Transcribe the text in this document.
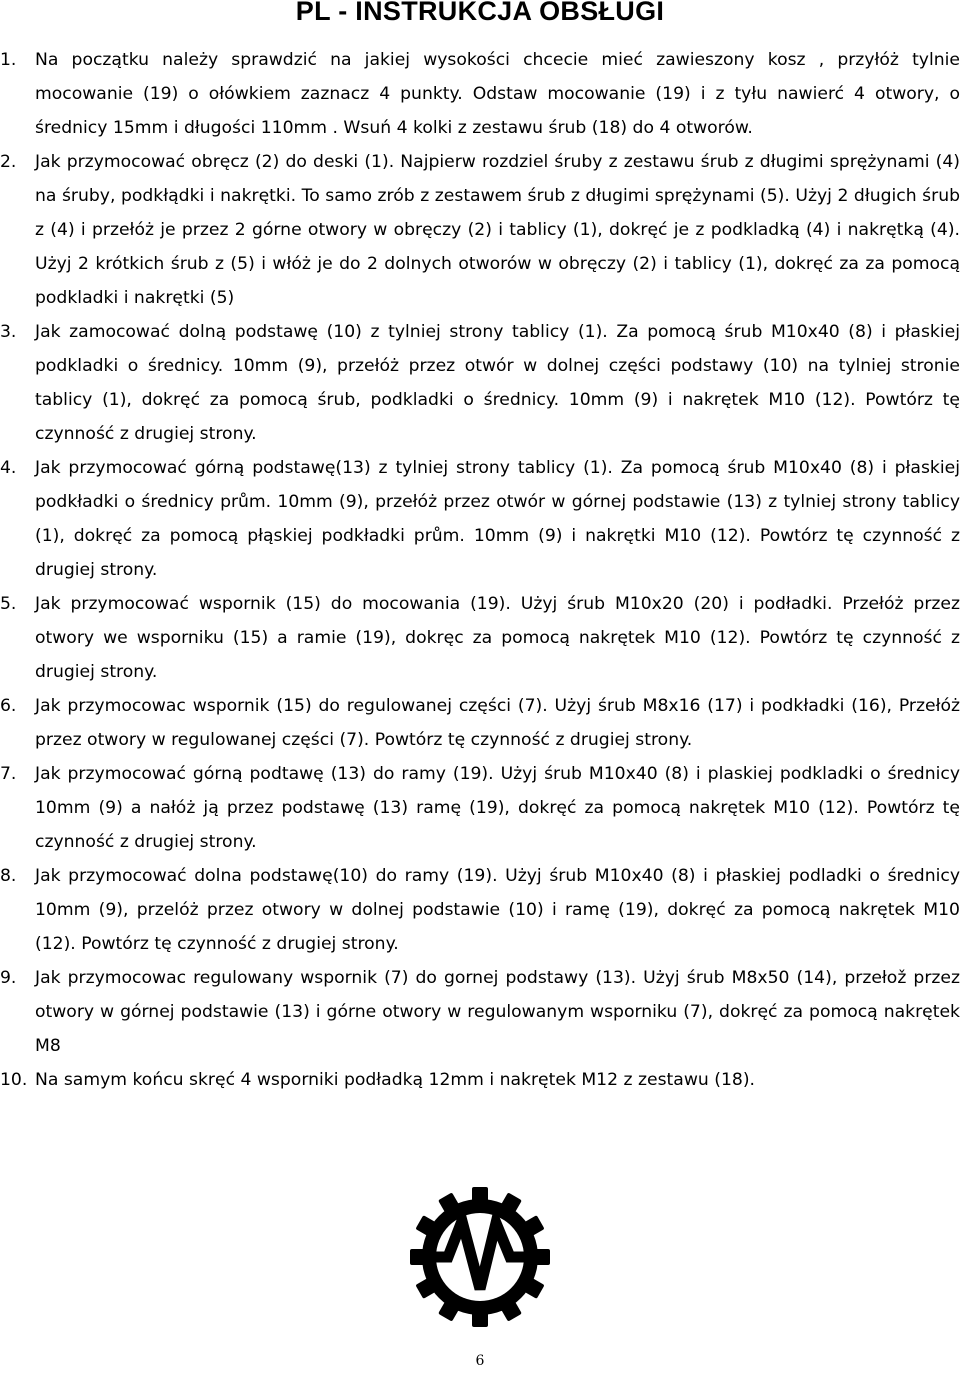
PL - INSTRUKCJA OBSŁUGI
1.	Na początku należy sprawdzić na jakiej wysokości chcecie mieć zawieszony kosz , przyłóż tylnie mocowanie (19) o ołówkiem zaznacz 4 punkty. Odstaw mocowanie (19) i z tyłu nawierć 4 otwory, o średnicy 15mm i długości 110mm . Wsuń 4 kolki z zestawu śrub (18) do 4 otworów.
2.	Jak przymocować obręcz (2) do deski (1). Najpierw rozdziel śruby z zestawu śrub z długimi sprężynami (4) na śruby, podkłądki i nakrętki. To samo zrób z zestawem śrub z długimi sprężynami (5). Użyj 2 długich śrub z (4) i przełóż je przez 2 górne otwory w obręczy (2) i tablicy (1), dokręć je z podkladką (4) i nakrętką (4). Użyj 2 krótkich śrub z (5) i włóż je do 2 dolnych otworów w obręczy (2) i tablicy (1), dokręć za za pomocą podkladki i nakrętki (5)
3.	Jak zamocować dolną podstawę (10) z tylniej strony tablicy (1). Za pomocą śrub M10x40 (8) i płaskiej podkladki o średnicy. 10mm (9), przełóż przez otwór w dolnej części podstawy (10) na tylniej stronie tablicy (1), dokręć za pomocą śrub, podkladki o średnicy. 10mm (9) i nakrętek M10 (12). Powtórz tę czynność z drugiej strony.
4.	Jak przymocować górną podstawę(13) z tylniej strony tablicy (1). Za pomocą śrub M10x40 (8) i płaskiej podkładki o średnicy prům. 10mm (9), przełóż przez otwór w górnej podstawie (13) z tylniej strony tablicy (1), dokręć za pomocą płąskiej podkładki prům. 10mm (9) i nakrętki M10 (12). Powtórz tę czynność z drugiej strony.
5.	Jak przymocować wspornik (15) do mocowania (19). Użyj śrub M10x20 (20) i podładki. Przełóż przez otwory we wsporniku (15) a ramie (19), dokręc za pomocą nakrętek M10 (12). Powtórz tę czynność z drugiej strony.
6.	Jak przymocowac wspornik (15) do regulowanej części (7). Użyj śrub M8x16 (17) i podkładki (16), Przełóż przez otwory w regulowanej części (7). Powtórz tę czynność z drugiej strony.
7.	Jak przymocować górną podtawę (13) do ramy (19). Użyj śrub M10x40 (8) i plaskiej podkladki o średnicy 10mm (9) a nałóż ją przez podstawę (13) ramę (19), dokręć za pomocą nakrętek M10 (12). Powtórz tę czynność z drugiej strony.
8.	Jak przymocować dolna podstawę(10) do ramy (19). Użyj śrub M10x40 (8) i płaskiej podladki o średnicy 10mm (9), przelóż przez otwory w dolnej podstawie (10) i ramę (19), dokręć za pomocą nakrętek M10 (12). Powtórz tę czynność z drugiej strony.
9.	Jak przymocowac regulowany wspornik (7) do gornej podstawy (13). Użyj śrub M8x50 (14), przełož przez otwory w górnej podstawie (13) i górne otwory w regulowanym wsporniku (7), dokręć za pomocą nakrętek M8
10. Na samym końcu skręć 4 wsporniki podładką 12mm i nakrętek M12 z zestawu (18).
6
